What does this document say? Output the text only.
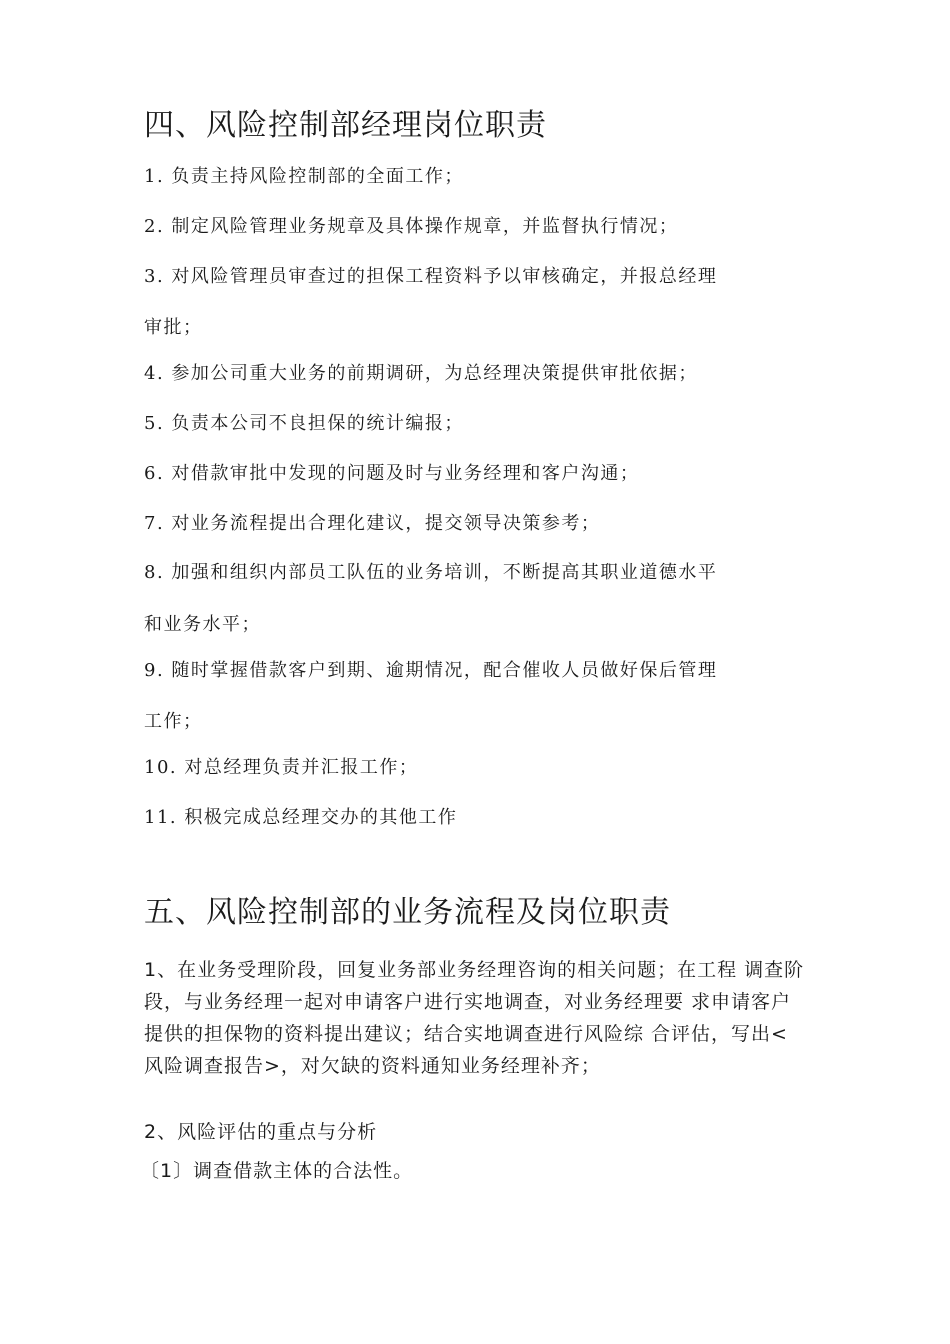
四、风险控制部经理岗位职责
1. 负责主持风险控制部的全面工作；
2. 制定风险管理业务规章及具体操作规章，并监督执行情况；
3. 对风险管理员审查过的担保工程资料予以审核确定，并报总经理
审批；
4. 参加公司重大业务的前期调研，为总经理决策提供审批依据；
5. 负责本公司不良担保的统计编报；
6. 对借款审批中发现的问题及时与业务经理和客户沟通；
7. 对业务流程提出合理化建议，提交领导决策参考；
8. 加强和组织内部员工队伍的业务培训，不断提高其职业道德水平
和业务水平；
9. 随时掌握借款客户到期、逾期情况，配合催收人员做好保后管理
工作；
10. 对总经理负责并汇报工作；
11. 积极完成总经理交办的其他工作
五、风险控制部的业务流程及岗位职责
1、在业务受理阶段，回复业务部业务经理咨询的相关问题；在工程 调查阶
段，与业务经理一起对申请客户进行实地调查，对业务经理要 求申请客户
提供的担保物的资料提出建议；结合实地调查进行风险综 合评估，写出<
风险调查报告>，对欠缺的资料通知业务经理补齐；
2、风险评估的重点与分析
〔1〕调查借款主体的合法性。
